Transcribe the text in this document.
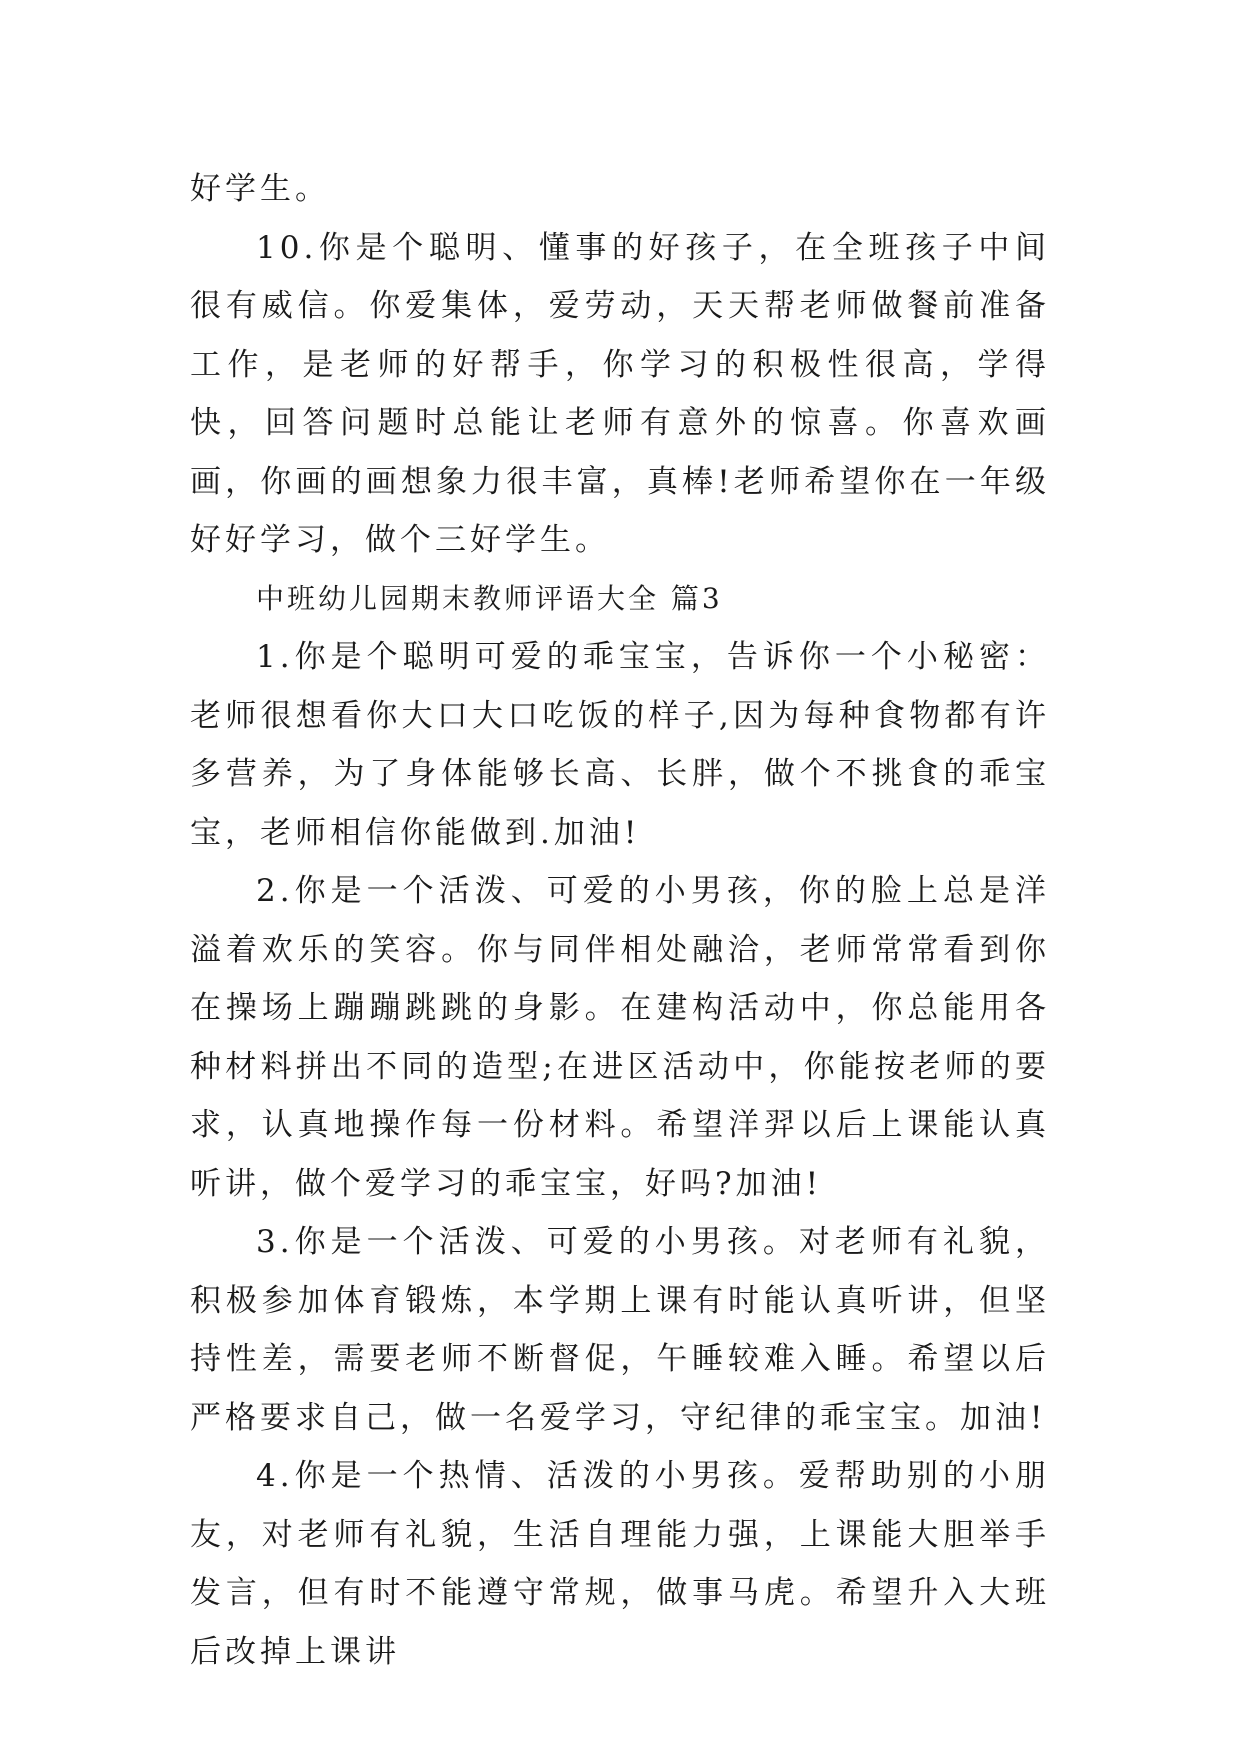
好学生。

10.你是个聪明、懂事的好孩子，在全班孩子中间很有威信。你爱集体，爱劳动，天天帮老师做餐前准备工作，是老师的好帮手，你学习的积极性很高，学得快，回答问题时总能让老师有意外的惊喜。你喜欢画画，你画的画想象力很丰富，真棒!老师希望你在一年级好好学习，做个三好学生。

中班幼儿园期末教师评语大全 篇3

1.你是个聪明可爱的乖宝宝，告诉你一个小秘密：老师很想看你大口大口吃饭的样子,因为每种食物都有许多营养，为了身体能够长高、长胖，做个不挑食的乖宝宝，老师相信你能做到.加油!

2.你是一个活泼、可爱的小男孩，你的脸上总是洋溢着欢乐的笑容。你与同伴相处融洽，老师常常看到你在操场上蹦蹦跳跳的身影。在建构活动中，你总能用各种材料拼出不同的造型;在进区活动中，你能按老师的要求，认真地操作每一份材料。希望洋羿以后上课能认真听讲，做个爱学习的乖宝宝，好吗?加油!

3.你是一个活泼、可爱的小男孩。对老师有礼貌，积极参加体育锻炼，本学期上课有时能认真听讲，但坚持性差，需要老师不断督促，午睡较难入睡。希望以后严格要求自己，做一名爱学习，守纪律的乖宝宝。加油!

4.你是一个热情、活泼的小男孩。爱帮助别的小朋友，对老师有礼貌，生活自理能力强，上课能大胆举手发言，但有时不能遵守常规，做事马虎。希望升入大班后改掉上课讲
